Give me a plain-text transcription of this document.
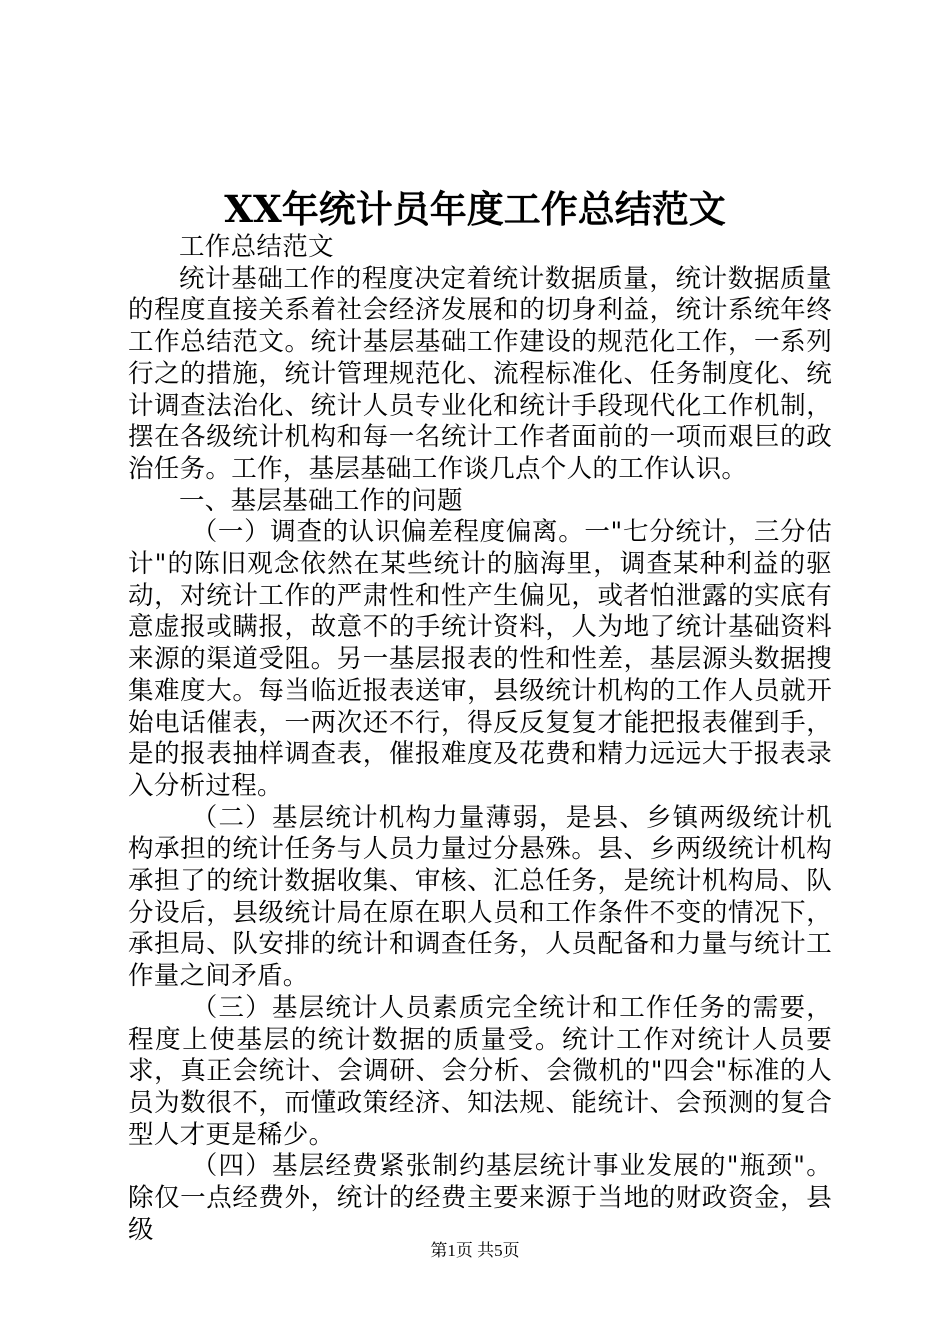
XX年统计员年度工作总结范文

工作总结范文

统计基础工作的程度决定着统计数据质量，统计数据质量的程度直接关系着社会经济发展和的切身利益，统计系统年终工作总结范文。统计基层基础工作建设的规范化工作，一系列行之的措施，统计管理规范化、流程标准化、任务制度化、统计调查法治化、统计人员专业化和统计手段现代化工作机制，摆在各级统计机构和每一名统计工作者面前的一项而艰巨的政治任务。工作，基层基础工作谈几点个人的工作认识。

一、基层基础工作的问题

（一）调查的认识偏差程度偏离。一"七分统计，三分估计"的陈旧观念依然在某些统计的脑海里，调查某种利益的驱动，对统计工作的严肃性和性产生偏见，或者怕泄露的实底有意虚报或瞒报，故意不的手统计资料，人为地了统计基础资料来源的渠道受阻。另一基层报表的性和性差，基层源头数据搜集难度大。每当临近报表送审，县级统计机构的工作人员就开始电话催表，一两次还不行，得反反复复才能把报表催到手，是的报表抽样调查表，催报难度及花费和精力远远大于报表录入分析过程。

（二）基层统计机构力量薄弱，是县、乡镇两级统计机构承担的统计任务与人员力量过分悬殊。县、乡两级统计机构承担了的统计数据收集、审核、汇总任务，是统计机构局、队分设后，县级统计局在原在职人员和工作条件不变的情况下，承担局、队安排的统计和调查任务，人员配备和力量与统计工作量之间矛盾。

（三）基层统计人员素质完全统计和工作任务的需要，程度上使基层的统计数据的质量受。统计工作对统计人员要求，真正会统计、会调研、会分析、会微机的"四会"标准的人员为数很不，而懂政策经济、知法规、能统计、会预测的复合型人才更是稀少。

（四）基层经费紧张制约基层统计事业发展的"瓶颈"。除仅一点经费外，统计的经费主要来源于当地的财政资金，县级

第1页 共5页
